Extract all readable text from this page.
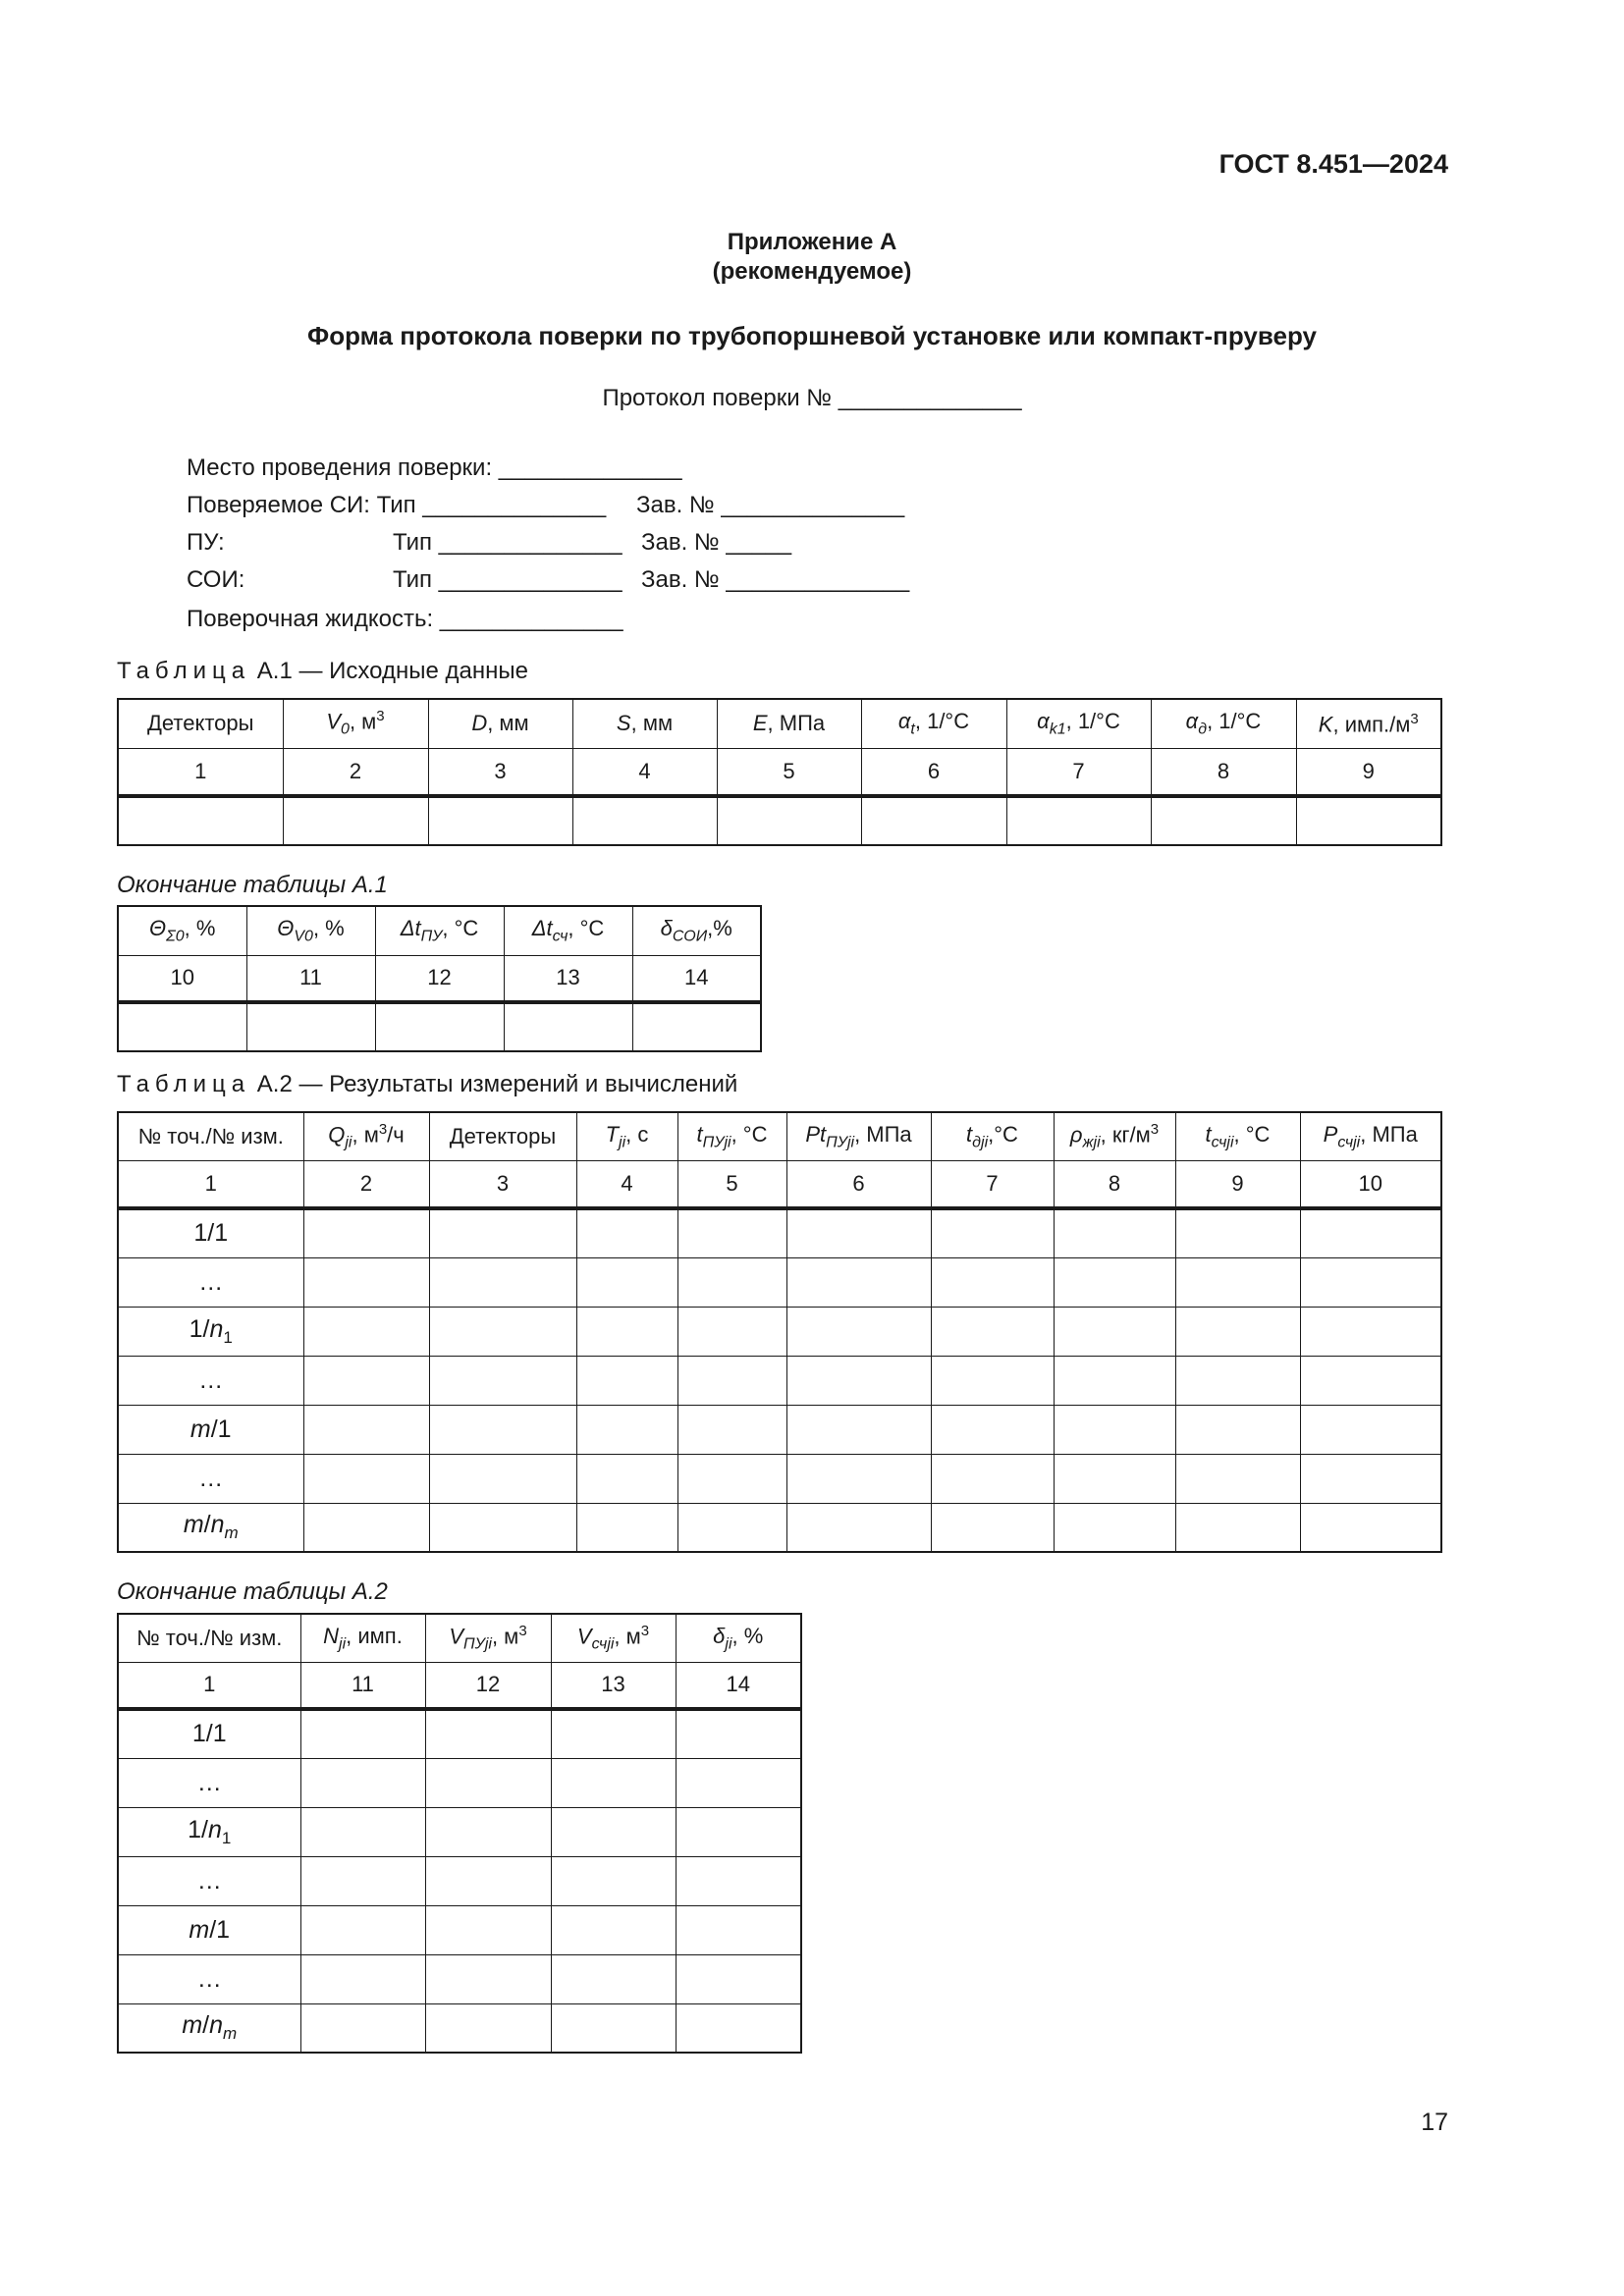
ГОСТ 8.451—2024
Приложение А
(рекомендуемое)
Форма протокола поверки по трубопоршневой установке или компакт-пруверу
Протокол поверки № ______________
Место проведения поверки: ______________
Поверяемое СИ: Тип ______________ Зав. № ______________
ПУ:	Тип ______________ Зав. № _____
СОИ:	Тип ______________ Зав. № ______________
Поверочная жидкость: ______________
Таблица А.1 — Исходные данные
Детекторы	$V_0$, $м^3$	D, мм	S, мм	E, МПа	$\alpha_t$, 1/°С	$\alpha_{k1}$, 1/°С	$\alpha_д$, 1/°С	K, $имп./м^3$
1	2	3	4	5	6	7	8	9

Окончание таблицы А.1
$\Theta_{\Sigma 0}$, %	$\Theta_{V0}$, %	$\Delta t_{ПУ}$, °С	$\Delta t_{сч}$, °С	$\delta_{СОИ},\%$
10	11	12	13	14

Таблица А.2 — Результаты измерений и вычислений
№ точ./№ изм.	$Q_{ji}$, $м^3/ч$	Детекторы	$T_{ji}$, с	$t_{ПУji}$, °С	$Pt_{ПУji}$, МПа	$t_{дji},^\circ С$	$\rho_{жji}$, $кг/м^3$	$t_{счji}$, °С	$P_{счji}$, МПа
1	2	3	4	5	6	7	8	9	10
1/1									
…									
$1/n_1$									
…									
m/1									
…									
$m/n_m$									
Окончание таблицы А.2
№ точ./№ изм.	$N_{ji}$, имп.	$V_{ПУji}$, $м^3$	$V_{счji}$, $м^3$	$\delta_{ji}$, %
1	11	12	13	14
1/1				
…				
$1/n_1$				
…				
m/1				
…				
$m/n_m$				
17
